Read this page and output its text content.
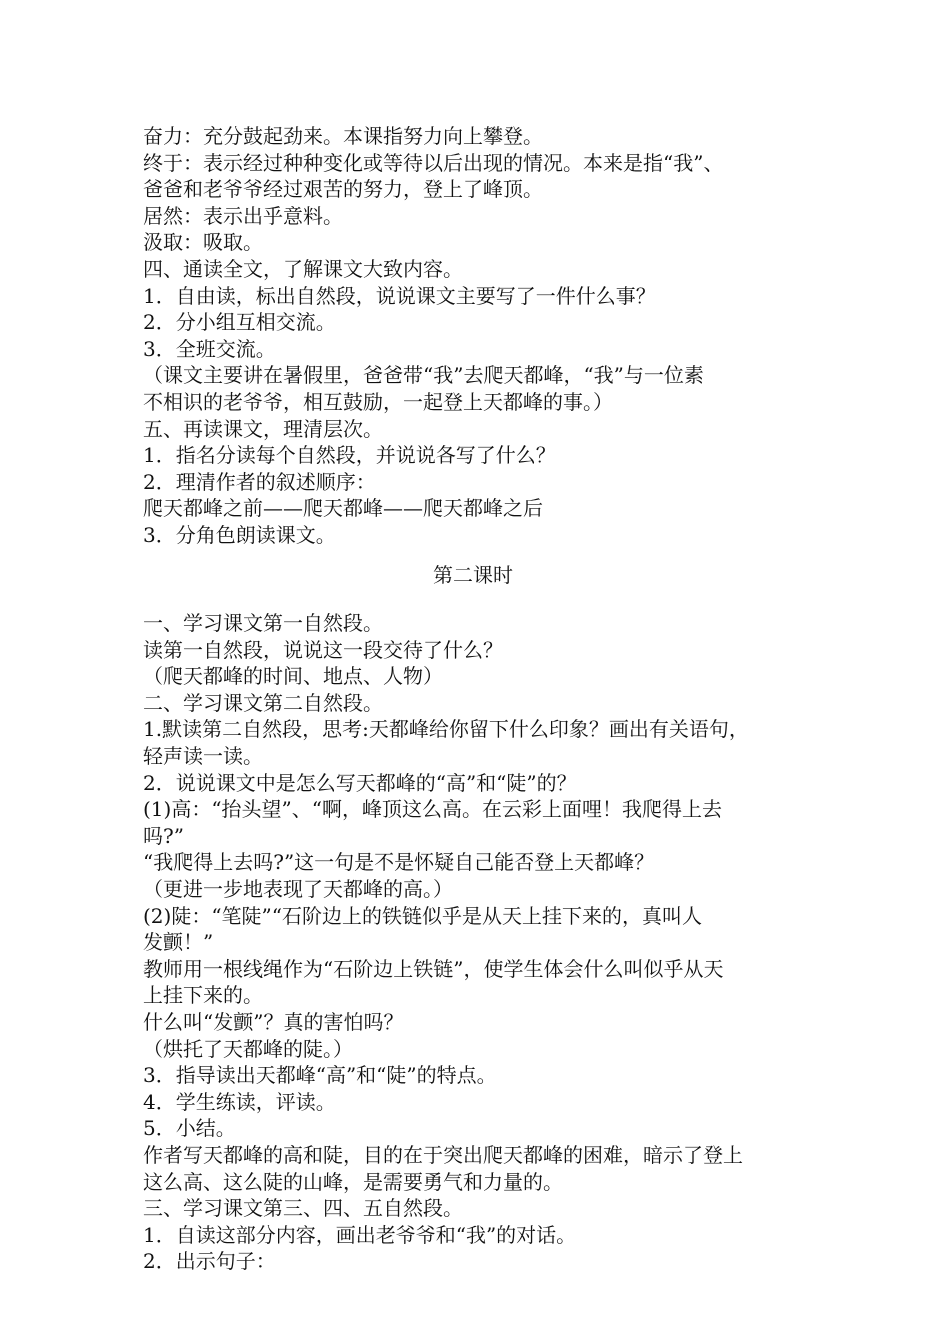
奋力：充分鼓起劲来。本课指努力向上攀登。

终于：表示经过种种变化或等待以后出现的情况。本来是指“我”、

爸爸和老爷爷经过艰苦的努力，登上了峰顶。

居然：表示出乎意料。

汲取：吸取。

四、通读全文，了解课文大致内容。

1．自由读，标出自然段，说说课文主要写了一件什么事？

2．分小组互相交流。

3．全班交流。

（课文主要讲在暑假里，爸爸带“我”去爬天都峰，“我”与一位素

不相识的老爷爷，相互鼓励，一起登上天都峰的事。）

五、再读课文，理清层次。

1．指名分读每个自然段，并说说各写了什么？

2．理清作者的叙述顺序：

爬天都峰之前——爬天都峰——爬天都峰之后

3．分角色朗读课文。

第二课时

一、学习课文第一自然段。

读第一自然段，说说这一段交待了什么？

（爬天都峰的时间、地点、人物）

二、学习课文第二自然段。

1.默读第二自然段，思考:天都峰给你留下什么印象？画出有关语句，

轻声读一读。

2．说说课文中是怎么写天都峰的“高”和“陡”的？

(1)高：“抬头望”、“啊，峰顶这么高。在云彩上面哩！我爬得上去

吗?”

“我爬得上去吗?”这一句是不是怀疑自己能否登上天都峰？

（更进一步地表现了天都峰的高。）

(2)陡：“笔陡”“石阶边上的铁链似乎是从天上挂下来的，真叫人

发颤！”

教师用一根线绳作为“石阶边上铁链”，使学生体会什么叫似乎从天

上挂下来的。

什么叫“发颤”？真的害怕吗？

（烘托了天都峰的陡。）

3．指导读出天都峰“高”和“陡”的特点。

4．学生练读，评读。

5．小结。

作者写天都峰的高和陡，目的在于突出爬天都峰的困难，暗示了登上

这么高、这么陡的山峰，是需要勇气和力量的。

三、学习课文第三、四、五自然段。

1．自读这部分内容，画出老爷爷和“我”的对话。

2．出示句子：
